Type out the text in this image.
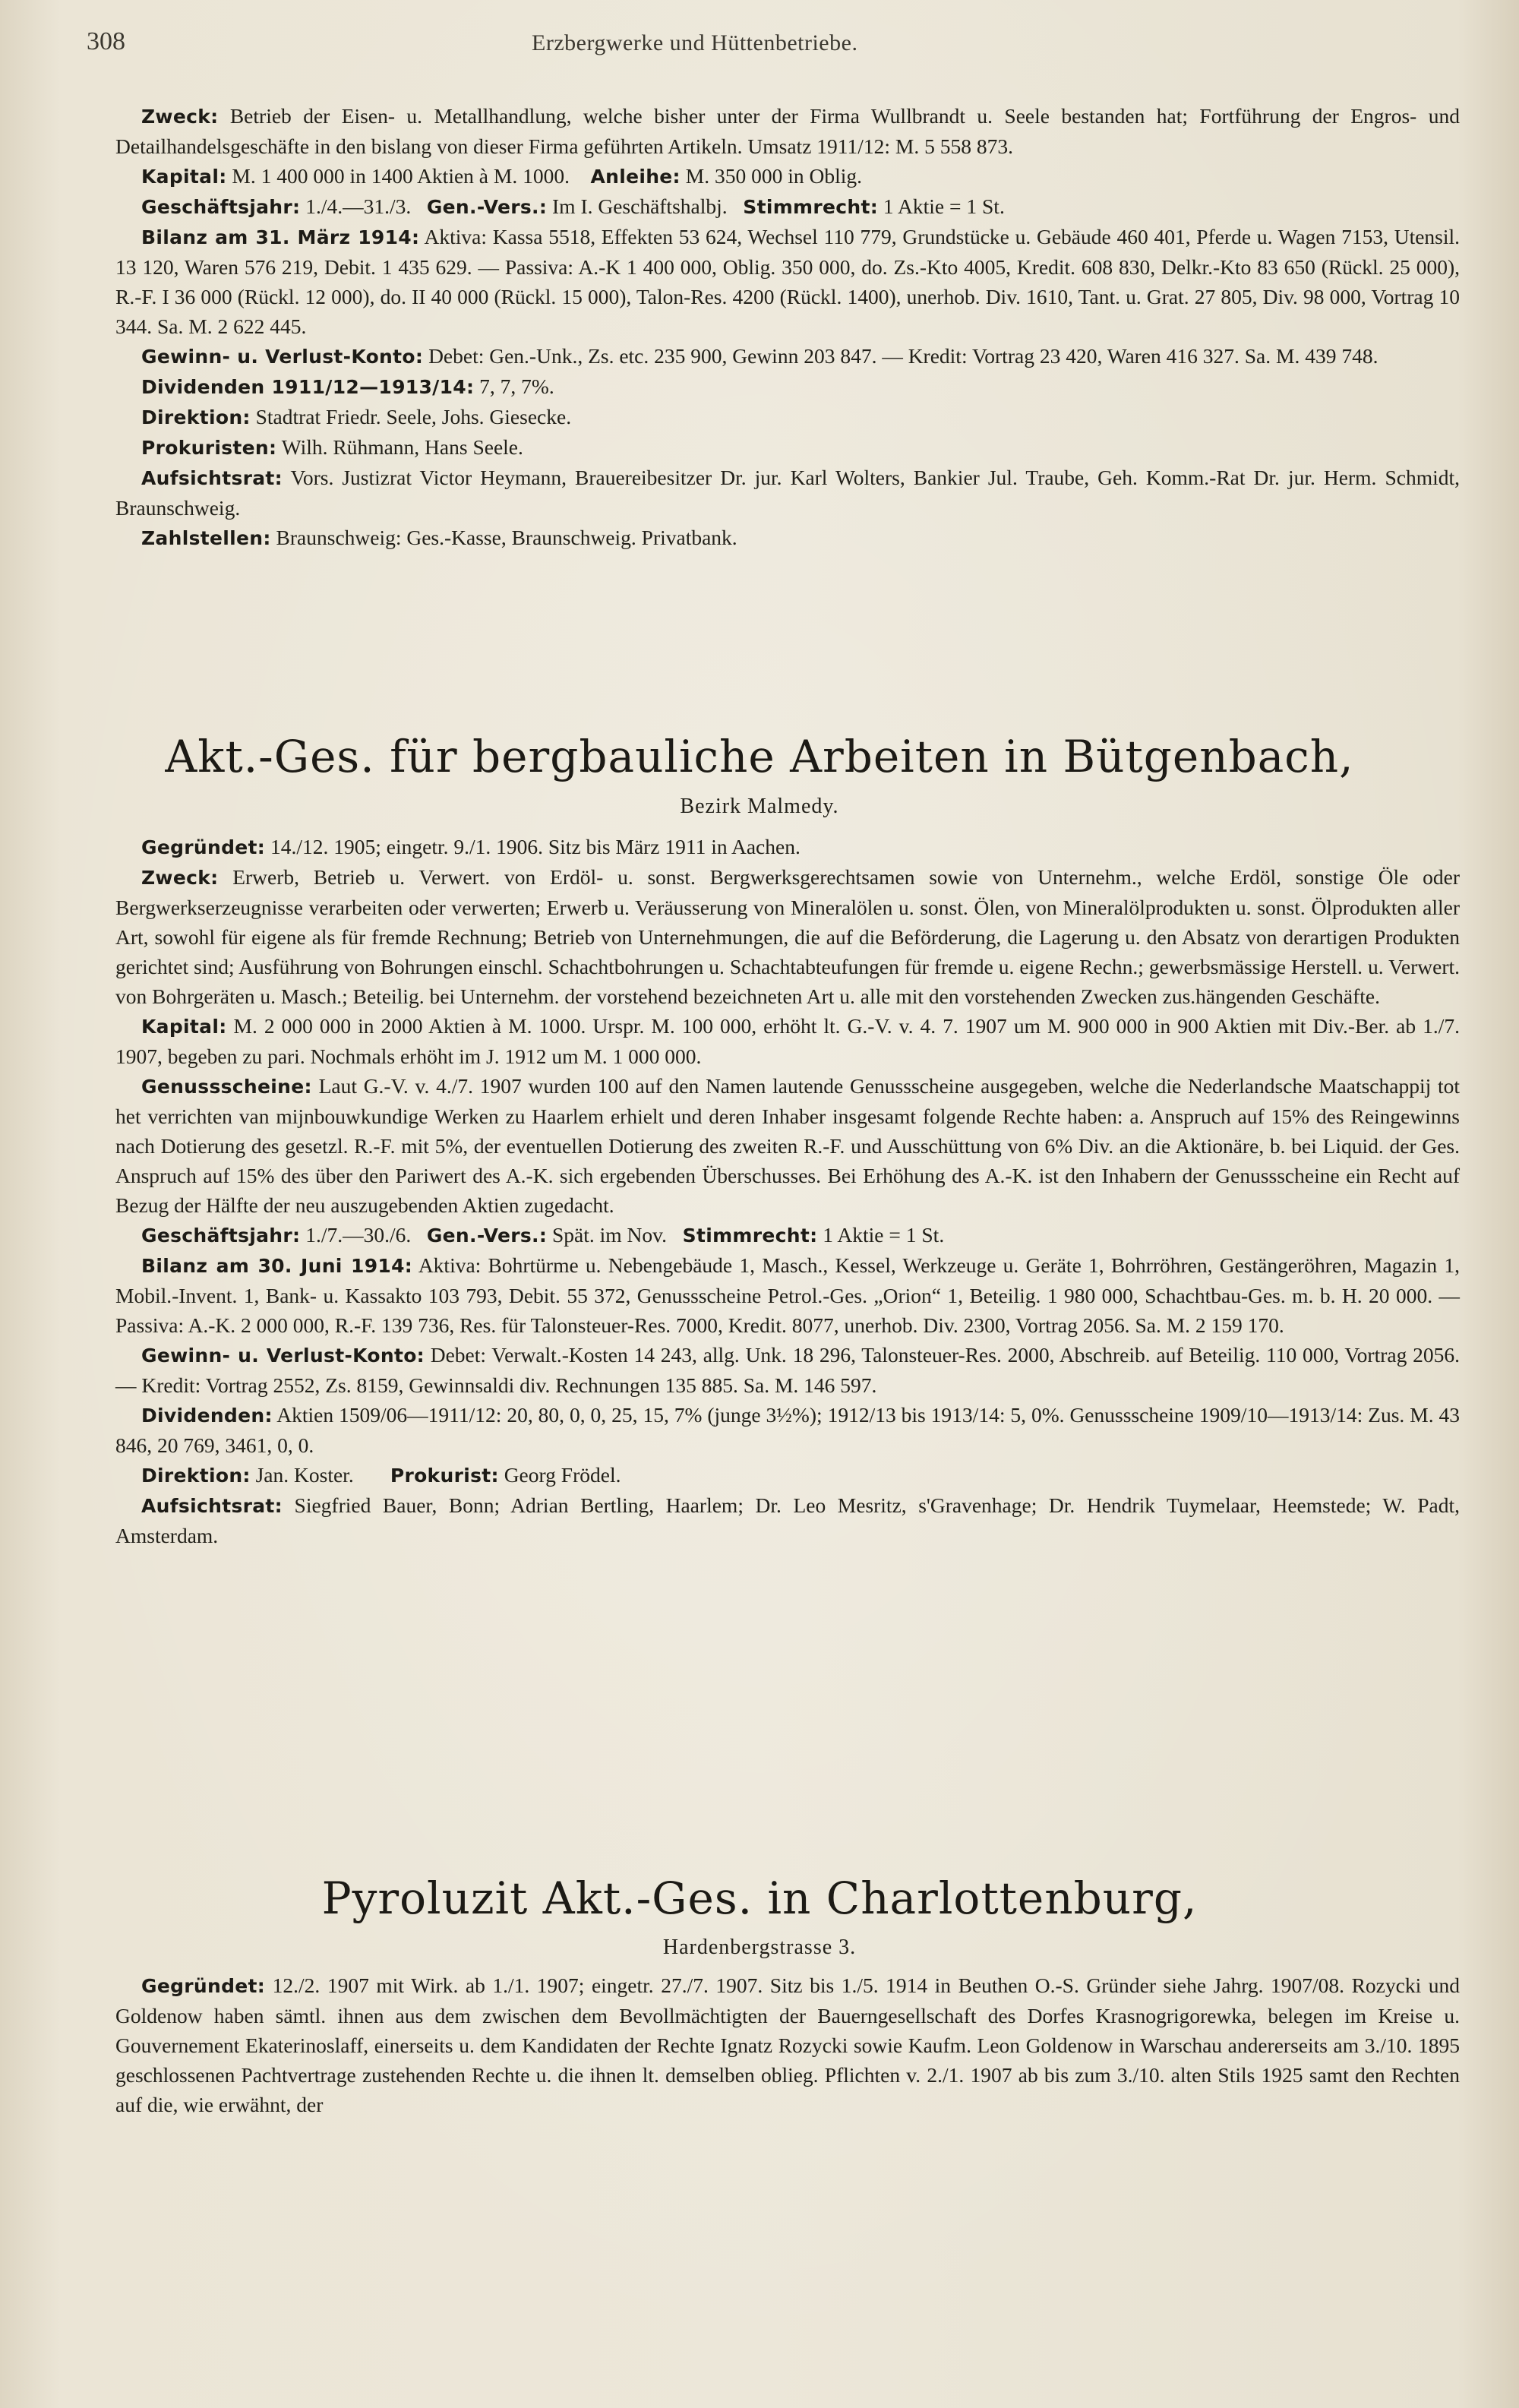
308	Erzbergwerke und Hüttenbetriebe.

Zweck: Betrieb der Eisen- u. Metallhandlung, welche bisher unter der Firma Wullbrandt u. Seele bestanden hat; Fortführung der Engros- und Detailhandelsgeschäfte in den bislang von dieser Firma geführten Artikeln. Umsatz 1911/12: M. 5 558 873.

Kapital: M. 1 400 000 in 1400 Aktien à M. 1000. Anleihe: M. 350 000 in Oblig.

Geschäftsjahr: 1./4.—31./3. Gen.-Vers.: Im I. Geschäftshalbj. Stimmrecht: 1 Aktie = 1 St.

Bilanz am 31. März 1914: Aktiva: Kassa 5518, Effekten 53 624, Wechsel 110 779, Grundstücke u. Gebäude 460 401, Pferde u. Wagen 7153, Utensil. 13 120, Waren 576 219, Debit. 1 435 629. — Passiva: A.-K 1 400 000, Oblig. 350 000, do. Zs.-Kto 4005, Kredit. 608 830, Delkr.-Kto 83 650 (Rückl. 25 000), R.-F. I 36 000 (Rückl. 12 000), do. II 40 000 (Rückl. 15 000), Talon-Res. 4200 (Rückl. 1400), unerhob. Div. 1610, Tant. u. Grat. 27 805, Div. 98 000, Vortrag 10 344. Sa. M. 2 622 445.

Gewinn- u. Verlust-Konto: Debet: Gen.-Unk., Zs. etc. 235 900, Gewinn 203 847. — Kredit: Vortrag 23 420, Waren 416 327. Sa. M. 439 748.

Dividenden 1911/12—1913/14: 7, 7, 7%.

Direktion: Stadtrat Friedr. Seele, Johs. Giesecke.

Prokuristen: Wilh. Rühmann, Hans Seele.

Aufsichtsrat: Vors. Justizrat Victor Heymann, Brauereibesitzer Dr. jur. Karl Wolters, Bankier Jul. Traube, Geh. Komm.-Rat Dr. jur. Herm. Schmidt, Braunschweig.

Zahlstellen: Braunschweig: Ges.-Kasse, Braunschweig. Privatbank.

Akt.-Ges. für bergbauliche Arbeiten in Bütgenbach,
Bezirk Malmedy.

Gegründet: 14./12. 1905; eingetr. 9./1. 1906. Sitz bis März 1911 in Aachen.

Zweck: Erwerb, Betrieb u. Verwert. von Erdöl- u. sonst. Bergwerksgerechtsamen sowie von Unternehm., welche Erdöl, sonstige Öle oder Bergwerkserzeugnisse verarbeiten oder verwerten; Erwerb u. Veräusserung von Mineralölen u. sonst. Ölen, von Mineralölprodukten u. sonst. Ölprodukten aller Art, sowohl für eigene als für fremde Rechnung; Betrieb von Unternehmungen, die auf die Beförderung, die Lagerung u. den Absatz von derartigen Produkten gerichtet sind; Ausführung von Bohrungen einschl. Schachtbohrungen u. Schachtabteufungen für fremde u. eigene Rechn.; gewerbsmässige Herstell. u. Verwert. von Bohrgeräten u. Masch.; Beteilig. bei Unternehm. der vorstehend bezeichneten Art u. alle mit den vorstehenden Zwecken zus.hängenden Geschäfte.

Kapital: M. 2 000 000 in 2000 Aktien à M. 1000. Urspr. M. 100 000, erhöht lt. G.-V. v. 4. 7. 1907 um M. 900 000 in 900 Aktien mit Div.-Ber. ab 1./7. 1907, begeben zu pari. Nochmals erhöht im J. 1912 um M. 1 000 000.

Genussscheine: Laut G.-V. v. 4./7. 1907 wurden 100 auf den Namen lautende Genussscheine ausgegeben, welche die Nederlandsche Maatschappij tot het verrichten van mijnbouwkundige Werken zu Haarlem erhielt und deren Inhaber insgesamt folgende Rechte haben: a. Anspruch auf 15% des Reingewinns nach Dotierung des gesetzl. R.-F. mit 5%, der eventuellen Dotierung des zweiten R.-F. und Ausschüttung von 6% Div. an die Aktionäre, b. bei Liquid. der Ges. Anspruch auf 15% des über den Pariwert des A.-K. sich ergebenden Überschusses. Bei Erhöhung des A.-K. ist den Inhabern der Genussscheine ein Recht auf Bezug der Hälfte der neu auszugebenden Aktien zugedacht.

Geschäftsjahr: 1./7.—30./6. Gen.-Vers.: Spät. im Nov. Stimmrecht: 1 Aktie = 1 St.

Bilanz am 30. Juni 1914: Aktiva: Bohrtürme u. Nebengebäude 1, Masch., Kessel, Werkzeuge u. Geräte 1, Bohrröhren, Gestängeröhren, Magazin 1, Mobil.-Invent. 1, Bank- u. Kassakto 103 793, Debit. 55 372, Genussscheine Petrol.-Ges. „Orion“ 1, Beteilig. 1 980 000, Schachtbau-Ges. m. b. H. 20 000. — Passiva: A.-K. 2 000 000, R.-F. 139 736, Res. für Talonsteuer-Res. 7000, Kredit. 8077, unerhob. Div. 2300, Vortrag 2056. Sa. M. 2 159 170.

Gewinn- u. Verlust-Konto: Debet: Verwalt.-Kosten 14 243, allg. Unk. 18 296, Talonsteuer-Res. 2000, Abschreib. auf Beteilig. 110 000, Vortrag 2056. — Kredit: Vortrag 2552, Zs. 8159, Gewinnsaldi div. Rechnungen 135 885. Sa. M. 146 597.

Dividenden: Aktien 1509/06—1911/12: 20, 80, 0, 0, 25, 15, 7% (junge 3½%); 1912/13 bis 1913/14: 5, 0%. Genussscheine 1909/10—1913/14: Zus. M. 43 846, 20 769, 3461, 0, 0.

Direktion: Jan. Koster. Prokurist: Georg Frödel.

Aufsichtsrat: Siegfried Bauer, Bonn; Adrian Bertling, Haarlem; Dr. Leo Mesritz, s'Gravenhage; Dr. Hendrik Tuymelaar, Heemstede; W. Padt, Amsterdam.

Pyroluzit Akt.-Ges. in Charlottenburg,
Hardenbergstrasse 3.

Gegründet: 12./2. 1907 mit Wirk. ab 1./1. 1907; eingetr. 27./7. 1907. Sitz bis 1./5. 1914 in Beuthen O.-S. Gründer siehe Jahrg. 1907/08. Rozycki und Goldenow haben sämtl. ihnen aus dem zwischen dem Bevollmächtigten der Bauerngesellschaft des Dorfes Krasnogrigorewka, belegen im Kreise u. Gouvernement Ekaterinoslaff, einerseits u. dem Kandidaten der Rechte Ignatz Rozycki sowie Kaufm. Leon Goldenow in Warschau andererseits am 3./10. 1895 geschlossenen Pachtvertrage zustehenden Rechte u. die ihnen lt. demselben oblieg. Pflichten v. 2./1. 1907 ab bis zum 3./10. alten Stils 1925 samt den Rechten auf die, wie erwähnt, der
